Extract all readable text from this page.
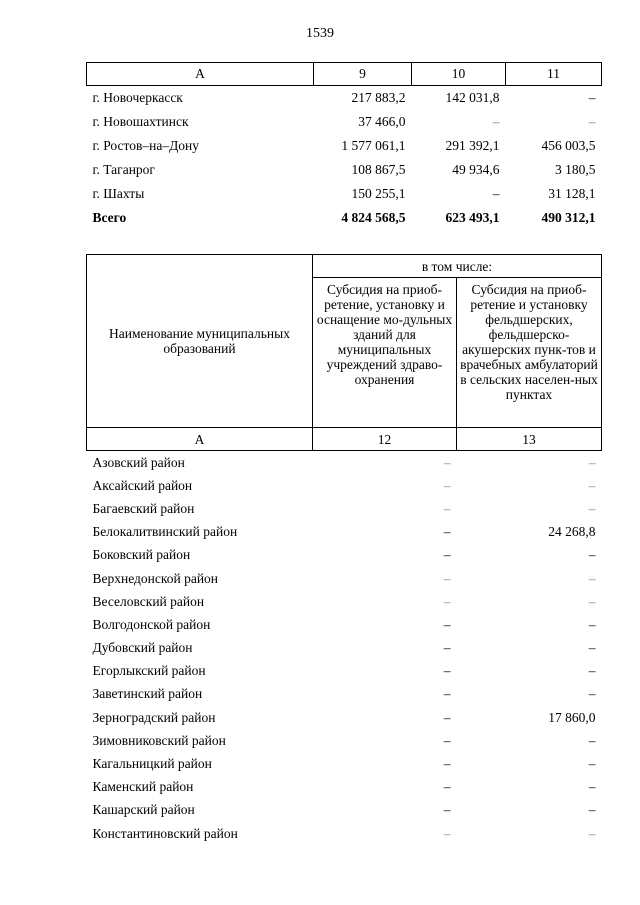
1539
А	9	10	11
г. Новочеркасск	217 883,2	142 031,8	–
г. Новошахтинск	37 466,0	–	–
г. Ростов–на–Дону	1 577 061,1	291 392,1	456 003,5
г. Таганрог	108 867,5	49 934,6	3 180,5
г. Шахты	150 255,1	–	31 128,1
Всего	4 824 568,5	623 493,1	490 312,1
Наименование муниципальных образований	в том числе:	
	Субсидия на приоб-ретение, установку и оснащение мо-дульных зданий для муниципальных учреждений здраво-охранения	Субсидия на приоб-ретение и установку фельдшерских, фельдшерско-акушерских пунк-тов и врачебных амбулаторий в сельских населен-ных пунктах
А	12	13
Азовский район	–	–
Аксайский район	–	–
Багаевский район	–	–
Белокалитвинский район	–	24 268,8
Боковский район	–	–
Верхнедонской район	–	–
Веселовский район	–	–
Волгодонской район	–	–
Дубовский район	–	–
Егорлыкский район	–	–
Заветинский район	–	–
Зерноградский район	–	17 860,0
Зимовниковский район	–	–
Кагальницкий район	–	–
Каменский район	–	–
Кашарский район	–	–
Константиновский район	–	–
